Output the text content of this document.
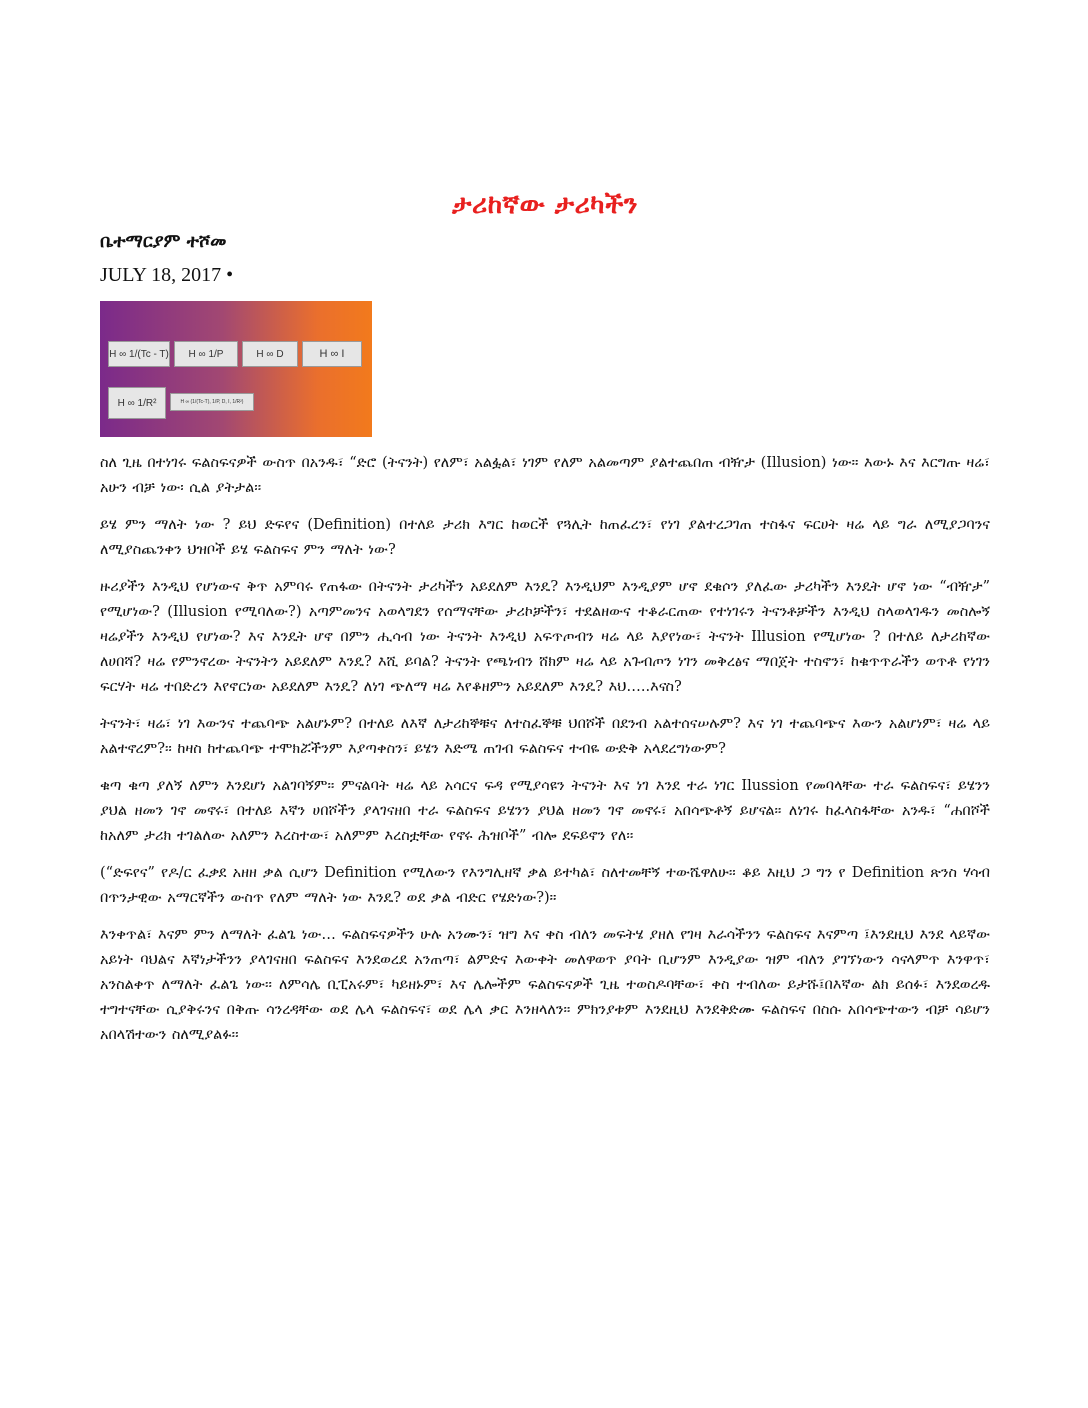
ታሪከኛው ታሪካችን
ቤተማርያም ተሾመ
JULY 18, 2017 •
H ∞ 1/(Tc - T)	H ∞ 1/P	H ∞ D	H ∞ I
H ∞ 1/R²	H ∞ (1/(Tc-T), 1/P, D, I, 1/R²)

ስለ ጊዜ በተነገሩ ፍልስፍናዎች ውስጥ በአንዱ፣ “ድሮ (ትናንት) የለም፣ አልፏል፣ ነገም የለም አልመጣም ያልተጨበጠ ብዥታ (Illusion) ነው። እውኑ እና እርግጡ ዛሬ፣ አሁን ብቻ ነው፡ ሲል ያትታል፡፡

ይሄ ምን ማለት ነው ? ይህ ድፍየና (Definition) በተለይ ታሪክ እግር ከወርች የጓሊት ከጠፈረን፣ የነገ ያልተረጋገጠ ተስፋና ፍርሀት ዛሬ ላይ ግራ ለሚያጋባንና ለሚያስጨንቀን ህዝቦች ይሄ ፍልስፍና ምን ማለት ነው?

ዙሪያችን እንዲህ የሆነውና ቅጥ አምባሩ የጠፋው በትናንት ታሪካችን አይደለም እንዴ? እንዲህም እንዲያም ሆኖ ደቁሶን ያለፈው ታሪካችን እንዴት ሆኖ ነው “ብዥታ” የሚሆነው? (Illusion የሚባለው?) አጣምመንና አወላግደን የሰማናቸው ታሪኮቻችን፣ ተደልዘውና ተቆራርጠው የተነገሩን ትናንቶቻችን እንዲህ ስላወላገዱን መስሎኝ ዛሬያችን እንዲህ የሆነው? እና እንዴት ሆኖ በምን ሒሳብ ነው ትናንት እንዲህ አፍጥጦብን ዛሬ ላይ እያየነው፣ ትናንት Illusion የሚሆነው ? በተለይ ለታሪከኛው ለሀበሻ? ዛሬ የምንኖረው ትናንትን አይደለም እንዴ? እሺ ይባል? ትናንት የጫነብን ሸክም ዛሬ ላይ አጉብጦን ነገን መቅረፅና ማበጀት ተስኖን፣ ከቁጥጥራችን ወጥቶ የነገን ፍርሃት ዛሬ ተበድረን እየኖርነው አይደለም እንዴ? ለነገ ጭለማ ዛሬ እየቆዘምን አይደለም እንዴ? እህ…..እናስ?

ትናንት፣ ዛሬ፣ ነገ እውንና ተጨባጭ አልሆኑም? በተለይ ለእኛ ለታሪከኞቹና ለተስፈኞቹ ህበሾች በደንብ አልተሰናሠሉም? እና ነገ ተጨባጭና እውን አልሆነም፣ ዛሬ ላይ አልተኖረም?፡፡ ከዛስ ከተጨባጭ ተሞክሯችንም እያጣቀስን፣ ይሄን እድሜ ጠገብ ፍልስፍና ተብዬ ውድቅ አላደረግነውም?

ቁጣ ቁጣ ያለኝ ለምን እንደሆነ አልገባኝም፡፡ ምናልባት ዛሬ ላይ አሳርና ፍዳ የሚያሳዩን ትናንት እና ነገ እንደ ተራ ነገር Ilussion የመባላቸው ተራ ፍልስፍና፣ ይሄንን ያህል ዘመን ገኖ መኖሩ፣ በተለይ እኛን ሀበሾችን ያላገናዘበ ተራ ፍልስፍና ይሄንን ያህል ዘመን ገኖ መኖሩ፣ አበሳጭቶኝ ይሆናል፡፡ ለነገሩ ከፈላስፋቸው አንዱ፣ “ሐበሾች ከአለም ታሪክ ተገልለው አለምን እረስተው፣ አለምም እረስቷቸው የኖሩ ሕዝቦች” ብሎ ደፍይኖን የለ፡፡

(“ድፍየና” የዶ/ር ፈቃደ አዘዘ ቃል ሲሆን Definition የሚለውን የእንግሊዘኛ ቃል ይተካል፣ ስለተመቸኝ ተውሼዋለሁ፡፡ ቆይ እዚህ ጋ ግን የ Definition ጽንስ ሃሳብ በጥንታዊው አማርኛችን ውስጥ የለም ማለት ነው እንዴ? ወደ ቃል ብድር የሄድነው?)።

እንቀጥል፣ እናም ምን ለማለት ፈልጌ ነው… ፍልስፍናዎችን ሁሉ አንሙን፣ ዝግ እና ቀስ ብለን መፍትሄ ያዘለ የገዛ እራሳችንን ፍልስፍና እናምጣ ፤እንደዚህ እንደ ላይኛው አይነት ባህልና እኛነታችንን ያላገናዘበ ፍልስፍና እንደወረደ አንጠጣ፣ ልምድና እውቀት መለዋወጥ ያባት ቢሆንም እንዲያው ዝም ብለን ያገኘነውን ሳናላምጥ እንዋጥ፣ አንስልቀጥ ለማለት ፈልጌ ነው፡፡ ለምሳሌ ቢፒአሩም፣ ካይዘኑም፣ እና ሌሎችም ፍልስፍናዎች ጊዜ ተወስዶባቸው፣ ቀስ ተብለው ይታሹ፤በእኛው ልክ ይሰፉ፣ እንደወረዱ ተግተናቸው ሲያቅሩንና በቅጡ ሳንረዳቸው ወደ ሌላ ፍልስፍና፣ ወደ ሌላ ቃር እንዘላለን፡፡ ምክንያቱም እንደዚህ እንደቅድሙ ፍልስፍና በስሱ አበሳጭተውን ብቻ ሳይሆን አበላሽተውን ስለሚያልፉ፡፡
